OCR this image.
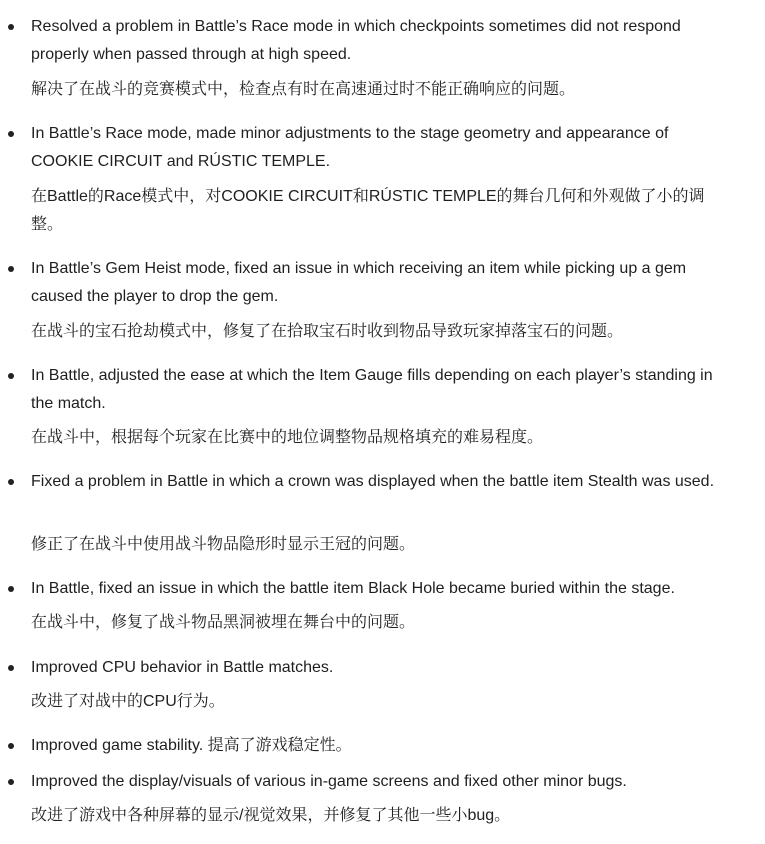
Resolved a problem in Battle’s Race mode in which checkpoints sometimes did not respond properly when passed through at high speed.

解决了在战斗的竞赛模式中，检查点有时在高速通过时不能正确响应的问题。

In Battle’s Race mode, made minor adjustments to the stage geometry and appearance of COOKIE CIRCUIT and RÚSTIC TEMPLE.

在Battle的Race模式中，对COOKIE CIRCUIT和RÚSTIC TEMPLE的舞台几何和外观做了小的调整。

In Battle’s Gem Heist mode, fixed an issue in which receiving an item while picking up a gem caused the player to drop the gem.

在战斗的宝石抢劫模式中，修复了在拾取宝石时收到物品导致玩家掉落宝石的问题。

In Battle, adjusted the ease at which the Item Gauge fills depending on each player’s standing in the match.

在战斗中，根据每个玩家在比赛中的地位调整物品规格填充的难易程度。

Fixed a problem in Battle in which a crown was displayed when the battle item Stealth was used.

修正了在战斗中使用战斗物品隐形时显示王冠的问题。

In Battle, fixed an issue in which the battle item Black Hole became buried within the stage.

在战斗中，修复了战斗物品黑洞被埋在舞台中的问题。

Improved CPU behavior in Battle matches.

改进了对战中的CPU行为。

Improved game stability. 提高了游戏稳定性。

Improved the display/visuals of various in-game screens and fixed other minor bugs.

改进了游戏中各种屏幕的显示/视觉效果，并修复了其他一些小bug。
